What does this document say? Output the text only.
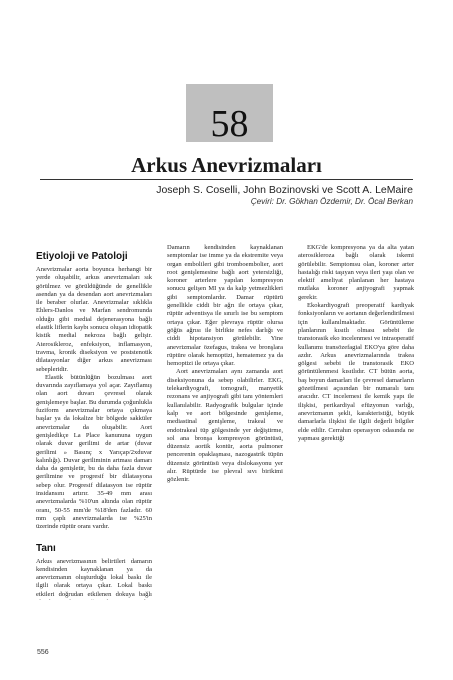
58
Arkus Anevrizmaları
Joseph S. Coselli, John Bozinovski ve Scott A. LeMaire
Çeviri: Dr. Gökhan Özdemir, Dr. Öcal Berkan
Etiyoloji ve Patoloji

Anevrizmalar aorta boyunca herhangi bir yerde oluşabilir, arkus anevrizmaları sık görülmez ve görüldüğünde de genellikle asendan ya da desendan aort anevrizmaları ile beraber olurlar. Anevrizmalar sıklıkla Ehlers-Danlos ve Marfan sendromunda olduğu gibi medial dejenerasyona bağlı elastik liflerin kaybı sonucu oluşan idiopatik kistik medial nekroza bağlı gelişir. Aterosikleroz, enfeksiyon, inflamasyon, travma, kronik diseksiyon ve poststenotik dilatasyonlar diğer arkus anevrizması sebepleridir.

Elastik bütünlüğün bozulması aort duvarında zayıflamaya yol açar. Zayıflamış olan aort duvarı çevresel olarak genişlemeye başlar. Bu durumda çoğunlukla fuziform anevrizmalar ortaya çıkmaya başlar ya da lokalize bir bölgede sakküler anevrizmalar da oluşabilir. Aort genişledikçe La Place kanununa uygun olarak duvar gerilimi de artar (duvar gerilimi » Basınç x Yarıçap/2xduvar kalınlığı). Duvar geriliminin artması damarı daha da genişletir, bu da daha fazla duvar gerilimine ve progresif bir dilatasyona sebep olur. Progresif dilatasyon ise rüptür insidansını artırır. 35-49 mm arası anevrizmalarda %10'un altında olan rüptür oranı, 50-55 mm'de %18'den fazladır. 60 mm çaplı anevrizmalarda ise %25'in üzerinde rüptür oranı vardır.

Tanı

Arkus anevrizmasının belirtileri damarın kendisinden kaynaklanan ya da anevrizmanın oluşturduğu lokal baskı ile ilgili olarak ortaya çıkar. Lokal baskı etkileri doğrudan etkilenen dokuya bağlı

Damarın kendisinden kaynaklanan semptomlar ise imme ya da ekstremite veya organ embolileri gibi tromboembolier, aort root genişlemesine bağlı aort yetersizliği, koroner arterlere yapılan kompresyon sonucu gelişen MI ya da kalp yetmezlikleri gibi semptomlardır. Damar rüptürü genellikle ciddi bir ağrı ile ortaya çıkar, rüptür adventisya ile sınırlı ise bu semptom ortaya çıkar. Eğer plevraya rüptür olursa göğüs ağrısı ile birlikte nefes darlığı ve ciddi hipotansiyon görülebilir. Yine anevrizmalar özefagus, trakea ve bronşlara rüptüre olarak hemoptizi, hematemez ya da hemoptizi ile ortaya çıkar.

Aort anevrizmaları aynı zamanda aort diseksiyonuna da sebep olabilirler. EKG, telekardiyografi, tomografi, manyetik rezonans ve anjiyografi gibi tanı yöntemleri kullanılabilir. Radyografik bulgular içinde kalp ve aort bölgesinde genişleme, mediastinal genişleme, trakeal ve endotrakeal tüp gölgesinde yer değiştirme, sol ana bronşa kompresyon görüntüsü, düzensiz aortik kontür, aorta pulmoner pencerenin opaklaşması, nazogastrik tüpün düzensiz görüntüsü veya dislokasyonu yer alır. Rüptürde ise plevral sıvı birikimi gözlenir.

EKG'de kompresyona ya da alta yatan aterosikleroza bağlı olarak iskemi görülebilir. Semptomsu olan, koroner arter hastalığı riski taşıyan veya ileri yaşı olan ve elektif ameliyat planlanan her hastaya mutlaka koroner anjiyografi yapmak gerekir.

Ekokardiyografi preoperatif kardiyak fonksiyonların ve aortanın değerlendirilmesi için kullanılmaktadır. Görüntüleme planlarının kısıtlı olması sebebi ile transtorasik eko incelenmesi ve intraoperatif kullanımı transözefagial EKO'ya göre daha azdır. Arkus anevrizmalarında trakea gölgesi sebebi ile transtorasik EKO görüntülenmesi kısıtlıdır. CT bütün aorta, baş boyun damarları ile çevresel damarların gözetilmesi açısından bir numaralı tanı aracıdır. CT incelemesi ile kemik yapı ile ilişkisi, perikardiyal efüzyonun varlığı, anevrizmanın şekli, karakteristiği, büyük damarlarla ilişkisi ile ilgili değerli bilgiler elde edilir. Cerrahın operasyon odasında ne yapması gerektiği

556
